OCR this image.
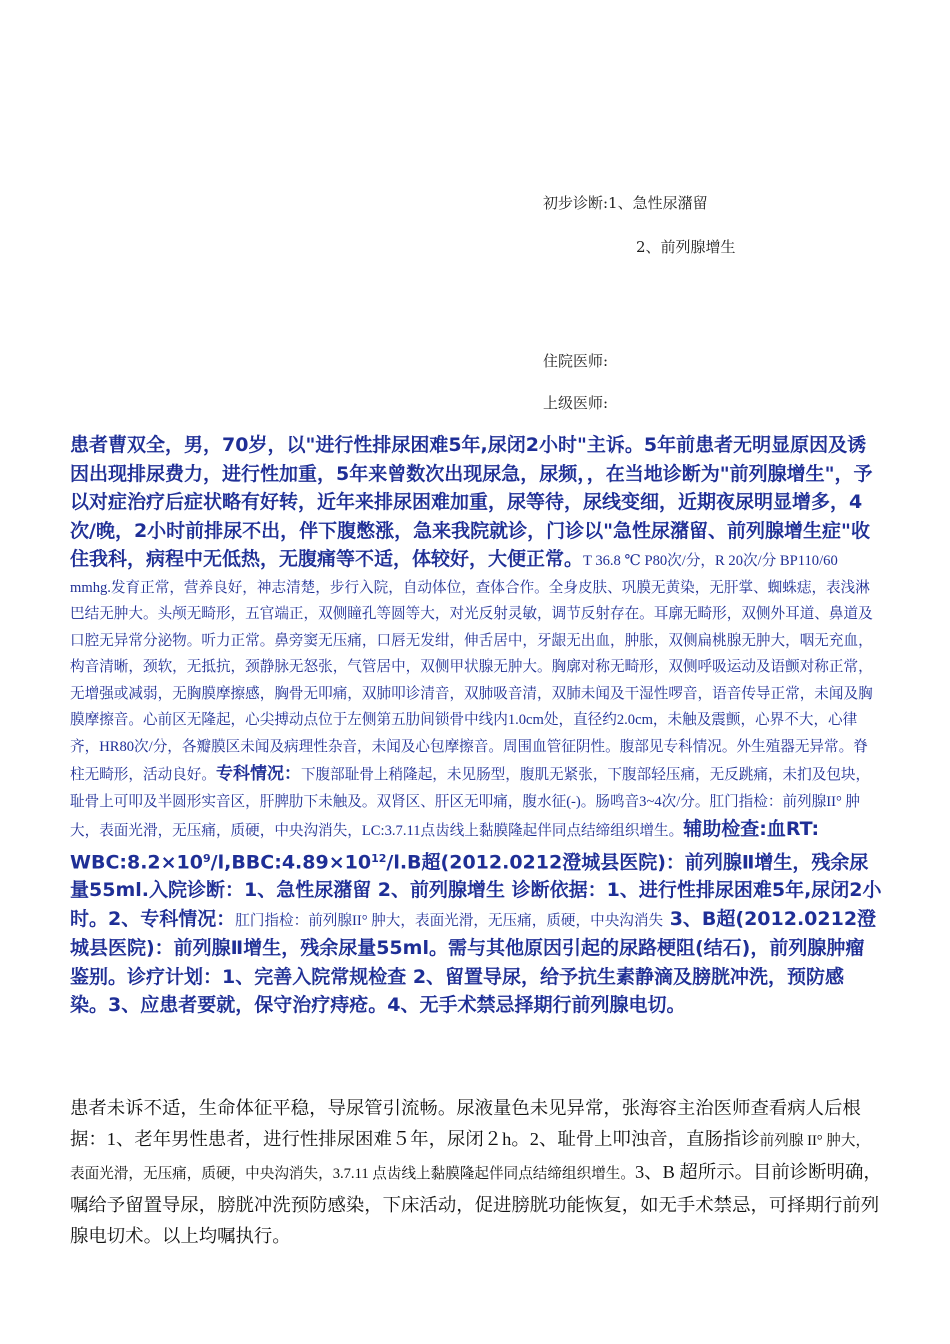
初步诊断:1、急性尿潴留
2、前列腺增生
住院医师:
上级医师:

患者曹双全，男，70岁，以"进行性排尿困难5年,尿闭2小时"主诉。5年前患者无明显原因及诱因出现排尿费力，进行性加重，5年来曾数次出现尿急，尿频，，在当地诊断为"前列腺增生"，予以对症治疗后症状略有好转，近年来排尿困难加重，尿等待，尿线变细，近期夜尿明显增多，4次/晚，2小时前排尿不出，伴下腹憋涨，急来我院就诊，门诊以"急性尿潴留、前列腺增生症"收住我科，病程中无低热，无腹痛等不适，体较好，大便正常。T 36.8 ℃ P80次/分，R 20次/分 BP110/60 mmhg.发育正常，营养良好，神志清楚，步行入院，自动体位，查体合作。全身皮肤、巩膜无黄染，无肝掌、蜘蛛痣，表浅淋巴结无肿大。头颅无畸形，五官端正，双侧瞳孔等圆等大，对光反射灵敏，调节反射存在。耳廓无畸形，双侧外耳道、鼻道及口腔无异常分泌物。听力正常。鼻旁窦无压痛，口唇无发绀，伸舌居中，牙龈无出血，肿胀，双侧扁桃腺无肿大，咽无充血，构音清晰，颈软，无抵抗，颈静脉无怒张，气管居中，双侧甲状腺无肿大。胸廓对称无畸形，双侧呼吸运动及语颤对称正常，无增强或减弱，无胸膜摩擦感，胸骨无叩痛，双肺叩诊清音，双肺吸音清，双肺未闻及干湿性啰音，语音传导正常，未闻及胸膜摩擦音。心前区无隆起，心尖搏动点位于左侧第五肋间锁骨中线内1.0cm处，直径约2.0cm，未触及震颤，心界不大，心律齐，HR80次/分，各瓣膜区未闻及病理性杂音，未闻及心包摩擦音。周围血管征阴性。腹部见专科情况。外生殖器无异常。脊柱无畸形，活动良好。专科情况：下腹部耻骨上稍隆起，未见肠型，腹肌无紧张，下腹部轻压痛，无反跳痛，未扪及包块，耻骨上可叩及半圆形实音区，肝脾肋下未触及。双肾区、肝区无叩痛，腹水征(-)。肠鸣音3~4次/分。肛门指检：前列腺II° 肿大，表面光滑，无压痛，质硬，中央沟消失，LC:3.7.11点齿线上黏膜隆起伴同点结缔组织增生。辅助检查:血RT: $WBC:8.2\times 10^9/l,BBC:4.89\times 10^{12}/l.B$超(2012.0212澄城县医院)：前列腺Ⅱ增生，残余尿量55ml.入院诊断：1、急性尿潴留 2、前列腺增生 诊断依据：1、进行性排尿困难5年,尿闭2小时。2、专科情况：肛门指检：前列腺II° 肿大，表面光滑，无压痛，质硬，中央沟消失 3、B超(2012.0212澄城县医院)：前列腺Ⅱ增生，残余尿量55ml。需与其他原因引起的尿路梗阻(结石)，前列腺肿瘤鉴别。诊疗计划：1、完善入院常规检查 2、留置导尿，给予抗生素静滴及膀胱冲洗，预防感染。3、应患者要就，保守治疗痔疮。4、无手术禁忌择期行前列腺电切。

患者未诉不适，生命体征平稳，导尿管引流畅。尿液量色未见异常，张海容主治医师查看病人后根据：1、老年男性患者，进行性排尿困难５年，尿闭２h。2、耻骨上叩浊音，直肠指诊前列腺 II° 肿大，表面光滑，无压痛，质硬，中央沟消失，3.7.11 点齿线上黏膜隆起伴同点结缔组织增生。3、B 超所示。目前诊断明确，嘱给予留置导尿，膀胱冲洗预防感染，下床活动，促进膀胱功能恢复，如无手术禁忌，可择期行前列腺电切术。以上均嘱执行。
